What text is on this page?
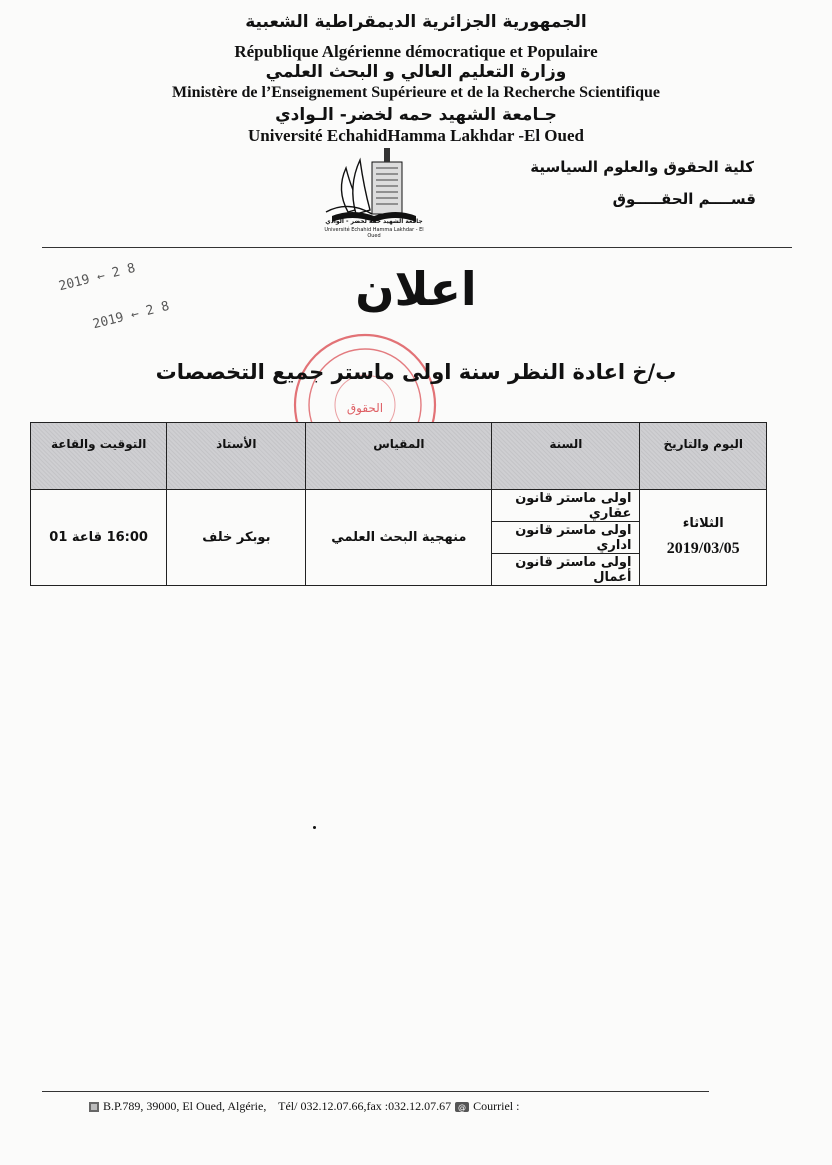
الجمهورية الجزائرية الديمقراطية الشعبية
République Algérienne démocratique et Populaire
وزارة التعليم العالي و البحث العلمي
Ministère de l’Enseignement Supérieure et de la Recherche Scientifique
جـامعة الشهيد حمه لخضر- الـوادي
Université EchahidHamma Lakhdar -El Oued
كلية الحقوق والعلوم السياسية
قســــم الحقـــــوق
جامعة الشهيد حمه لخضر - الوادي
Université Echahid Hamma Lakhdar - El Oued
2019 ← 2 8
2019 ← 2 8
الحقوق
اعلان
ب/خ اعادة النظر سنة اولى ماستر جميع التخصصات
اليوم والتاريخ	السنة	المقياس	الأستاذ	التوقيت والقاعة

الثلاثاء
2019/03/05	اولى ماستر قانون عقاري	منهجية البحث العلمي	بوبكر خلف	16:00 قاعة 01
	اولى ماستر قانون اداري			
	اولى ماستر قانون أعمال			
B.P.789, 39000, El Oued, Algérie, Tél/ 032.12.07.66,fax :032.12.07.67 @ Courriel :
